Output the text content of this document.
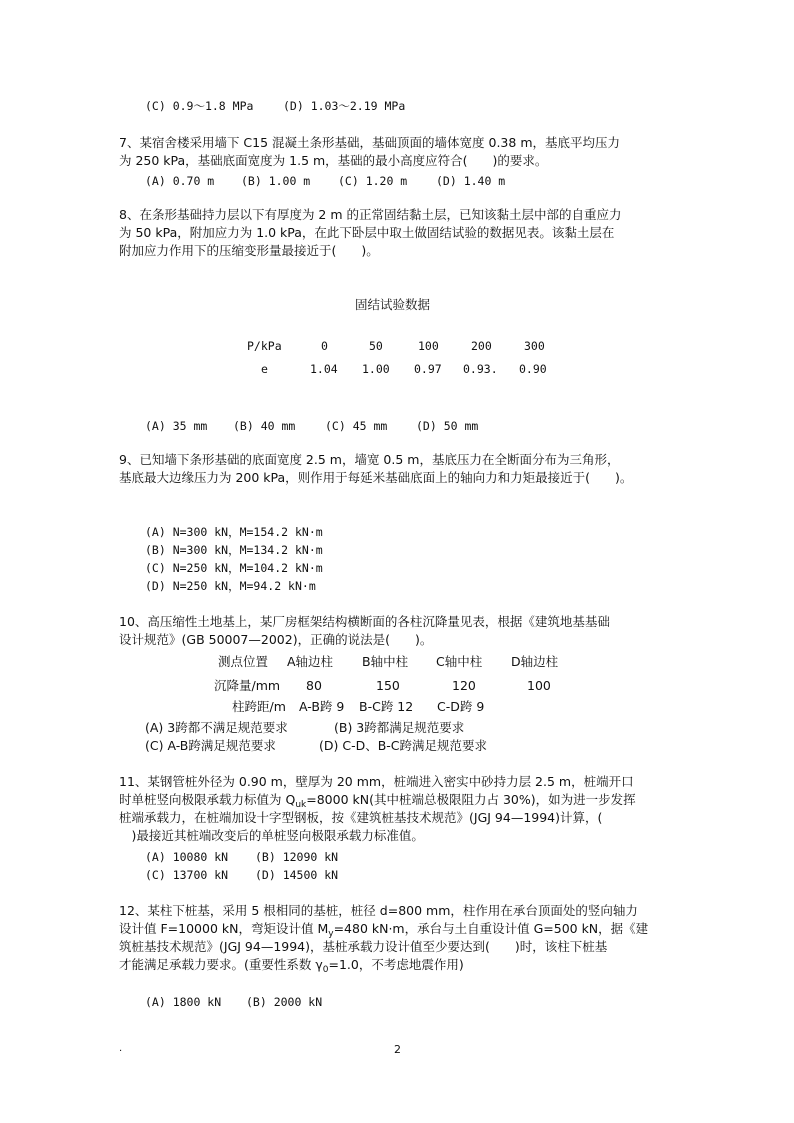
(C) 0.9～1.8 MPa	(D) 1.03～2.19 MPa
7、某宿舍楼采用墙下 C15 混凝土条形基础，基础顶面的墙体宽度 0.38 m，基底平均压力
为 250 kPa，基础底面宽度为 1.5 m，基础的最小高度应符合(　　)的要求。
(A) 0.70 m (B) 1.00 m (C) 1.20 m	(D) 1.40 m
8、在条形基础持力层以下有厚度为 2 m 的正常固结黏土层，已知该黏土层中部的自重应力
为 50 kPa，附加应力为 1.0 kPa，在此下卧层中取土做固结试验的数据见表。该黏土层在
附加应力作用下的压缩变形量最接近于(　　)。
固结试验数据
P/kPa	0	50	100	200	300
e	1.04 1.00 0.97 0.93. 0.90
(A) 35 mm (B) 40 mm	(C) 45 mm (D) 50 mm
9、已知墙下条形基础的底面宽度 2.5 m，墙宽 0.5 m，基底压力在全断面分布为三角形，
基底最大边缘压力为 200 kPa，则作用于每延米基础底面上的轴向力和力矩最接近于(　　)。
(A) N=300 kN，M=154.2 kN·m
(B) N=300 kN，M=134.2 kN·m
(C) N=250 kN，M=104.2 kN·m
(D) N=250 kN，M=94.2 kN·m
10、高压缩性土地基上，某厂房框架结构横断面的各柱沉降量见表，根据《建筑地基基础
设计规范》(GB 50007—2002)，正确的说法是(　　)。
测点位置 A轴边柱 B轴中柱 C轴中柱 D轴边柱
沉降量/mm 80	150	120	100
柱跨距/m A-B跨 9 B-C跨 12 C-D跨 9
(A) 3跨都不满足规范要求	(B) 3跨都满足规范要求
(C) A-B跨满足规范要求	(D) C-D、B-C跨满足规范要求
11、某钢管桩外径为 0.90 m，壁厚为 20 mm，桩端进入密实中砂持力层 2.5 m，桩端开口
时单桩竖向极限承载力标值为 $Q_{uk}=8000$ kN(其中桩端总极限阻力占 30%)，如为进一步发挥
桩端承载力，在桩端加设十字型钢板，按《建筑桩基技术规范》(JGJ 94—1994)计算，(
　)最接近其桩端改变后的单桩竖向极限承载力标准值。
(A) 10080 kN (B) 12090 kN
(C) 13700 kN (D) 14500 kN
12、某柱下桩基，采用 5 根相同的基桩，桩径 d=800 mm，柱作用在承台顶面处的竖向轴力
设计值 F=10000 kN，弯矩设计值 $M_y=480$ kN·m，承台与土自重设计值 G=500 kN，据《建
筑桩基技术规范》(JGJ 94—1994)，基桩承载力设计值至少要达到(　　)时，该柱下桩基
才能满足承载力要求。(重要性系数 $\gamma_0=1.0$，不考虑地震作用)
(A) 1800 kN (B) 2000 kN
.	2
